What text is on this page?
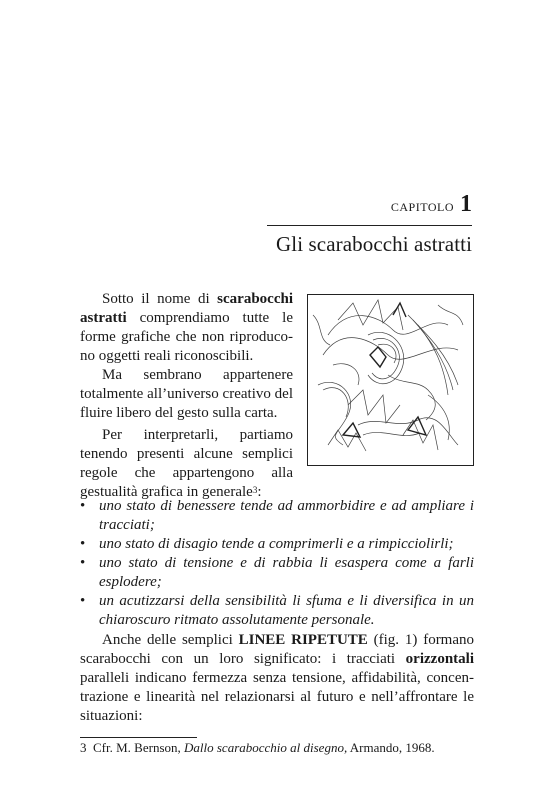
CAPITOLO 1
Gli scarabocchi astratti

Sotto il nome di scarabocchi astratti comprendiamo tutte le forme grafiche che non riproducono oggetti reali riconoscibili.

Ma sembrano appartenere totalmente all’universo creativo del fluire libero del gesto sulla carta.

Per interpretarli, partiamo tenendo presenti alcune semplici regole che appartengono alla gestualità grafica in generale$^3$:

• uno stato di benessere tende ad ammorbidire e ad ampliare i tracciati;
• uno stato di disagio tende a comprimerli e a rimpicciolirli;
• uno stato di tensione e di rabbia li esaspera come a farli esplodere;
• un acutizzarsi della sensibilità li sfuma e li diversifica in un chiaroscuro ritmato assolutamente personale.

Anche delle semplici LINEE RIPETUTE (fig. 1) formano scarabocchi con un loro significato: i tracciati orizzontali paralleli indicano fermezza senza tensione, affidabilità, concentrazione e linearità nel relazionarsi al futuro e nell’affrontare le situazioni:

3 Cfr. M. Bernson, Dallo scarabocchio al disegno, Armando, 1968.
